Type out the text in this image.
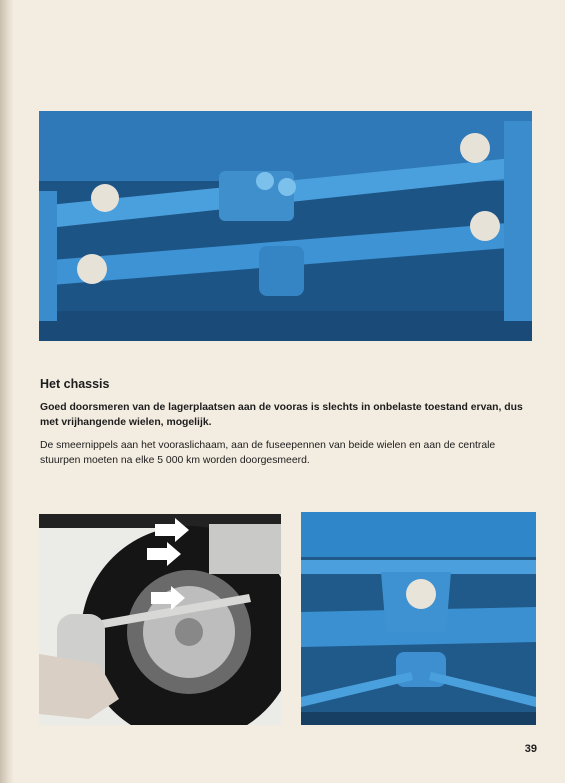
Het chassis

Goed doorsmeren van de lagerplaatsen aan de vooras is slechts in onbelaste toestand ervan, dus met vrijhangende wielen, mogelijk.

De smeernippels aan het vooraslichaam, aan de fuseepennen van beide wielen en aan de centrale stuurpen moeten na elke 5 000 km worden doorgesmeerd.

39
